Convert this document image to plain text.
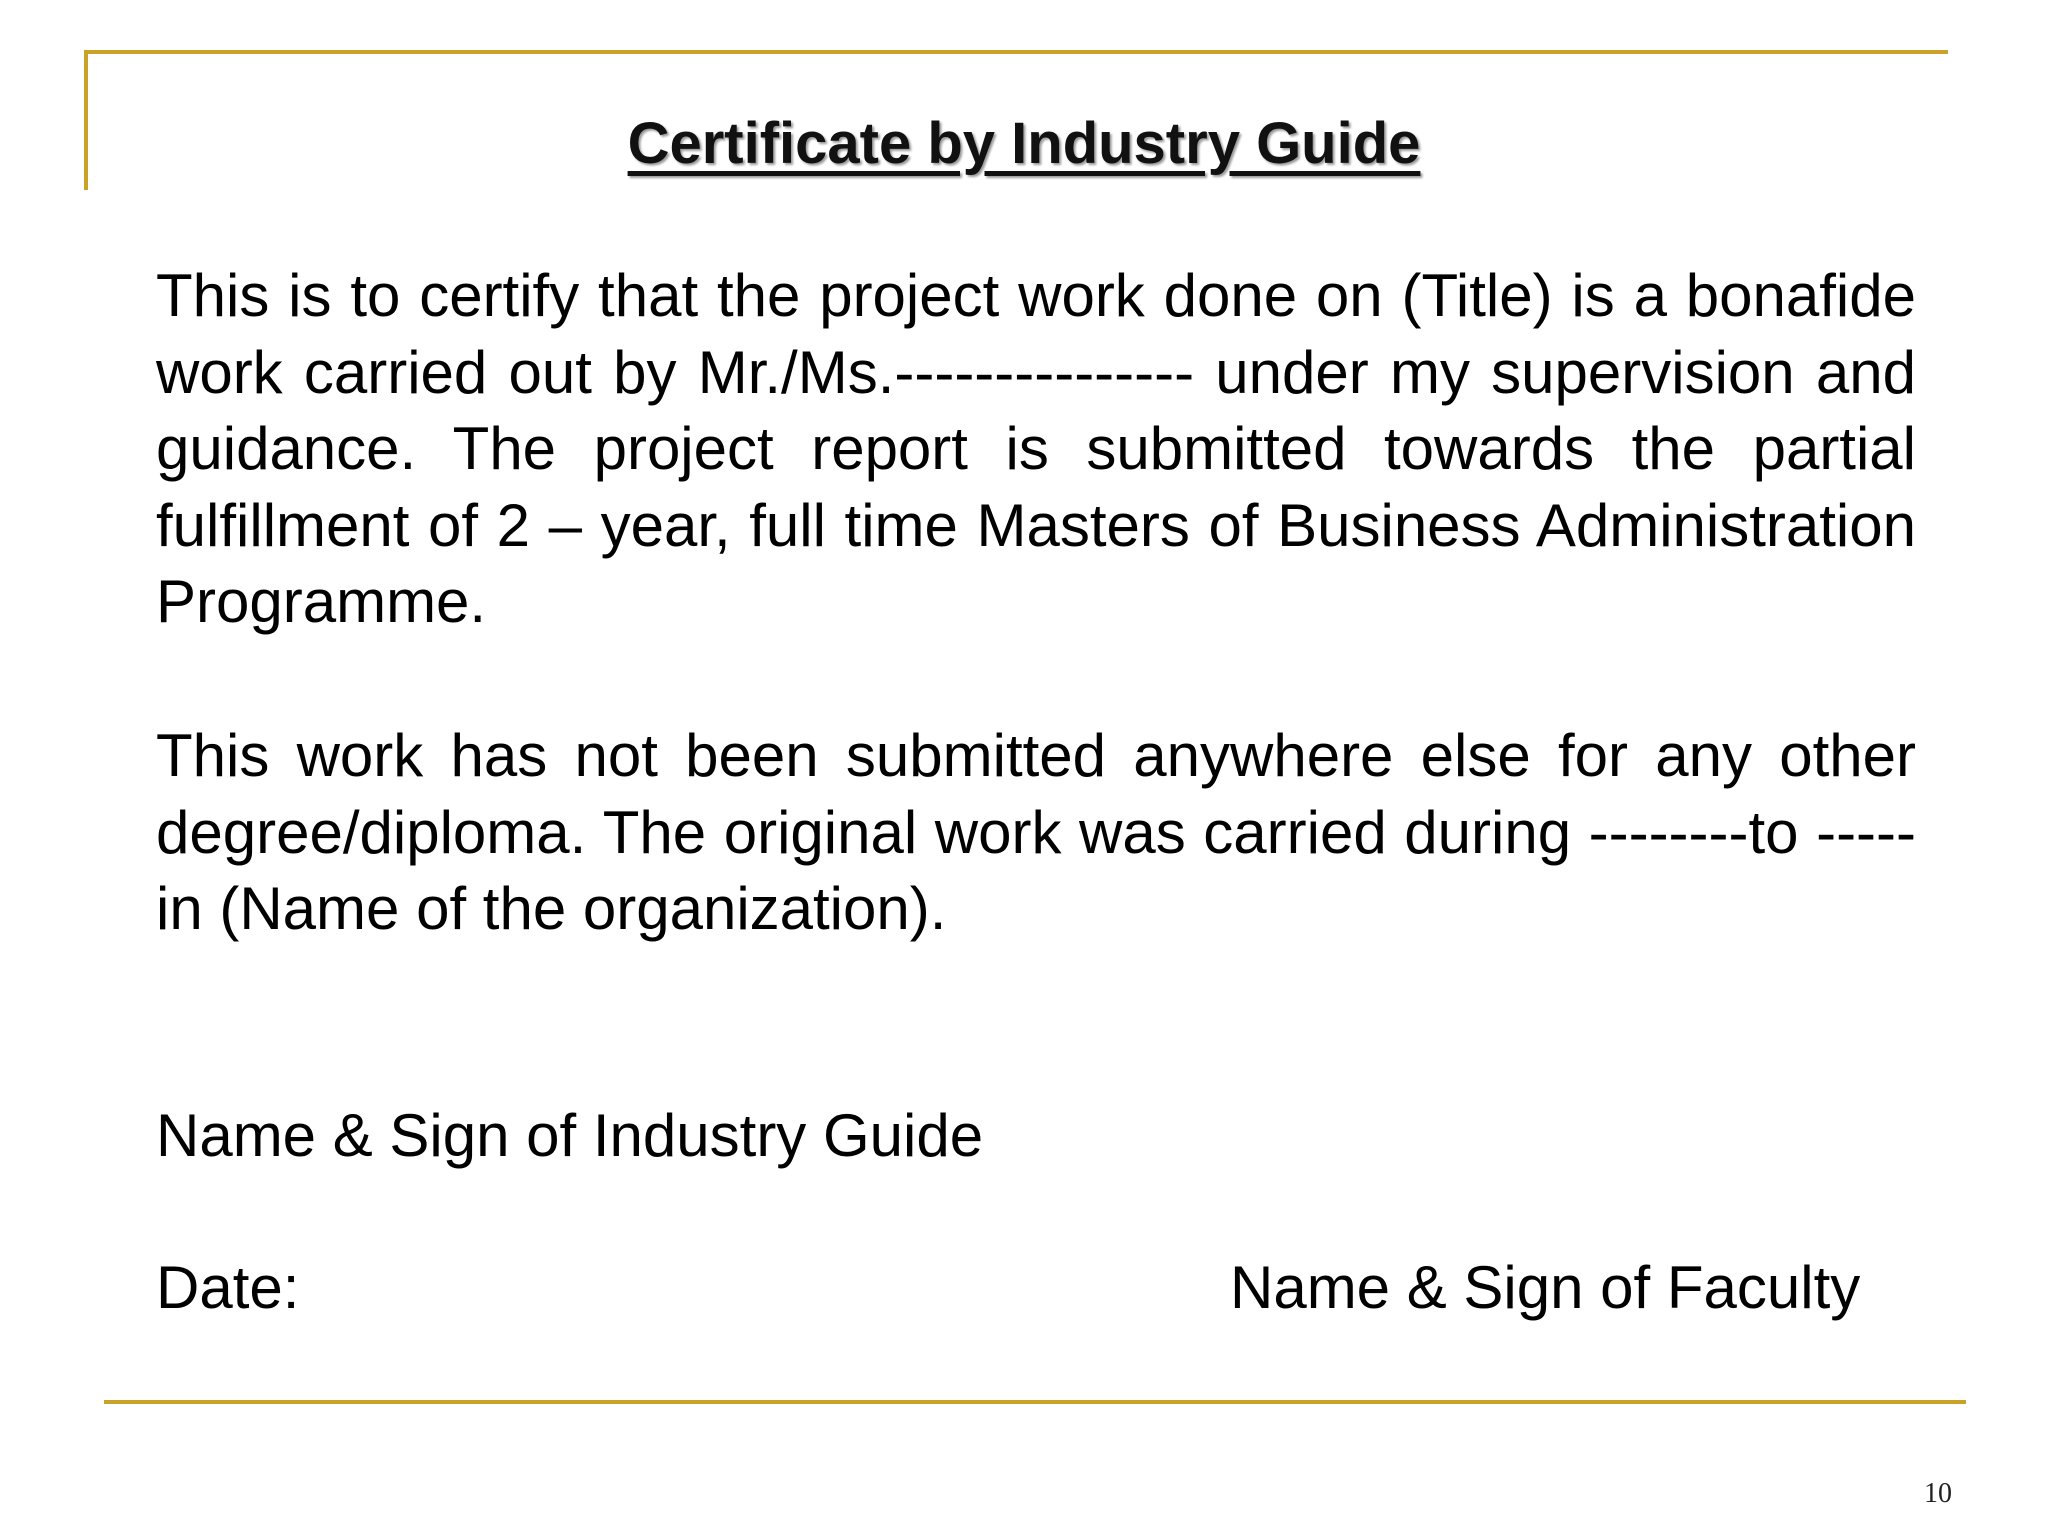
Certificate by Industry Guide

This is to certify that the project work done on (Title) is a bonafide work carried out by Mr./Ms.--------------- under my supervision and guidance. The project report is submitted towards the partial fulfillment of 2 – year, full time Masters of Business Administration Programme.

This work has not been submitted anywhere else for any other degree/diploma. The original work was carried during --------to ----- in (Name of the organization).

Name & Sign of Industry Guide

Date:	Name & Sign of Faculty

10
